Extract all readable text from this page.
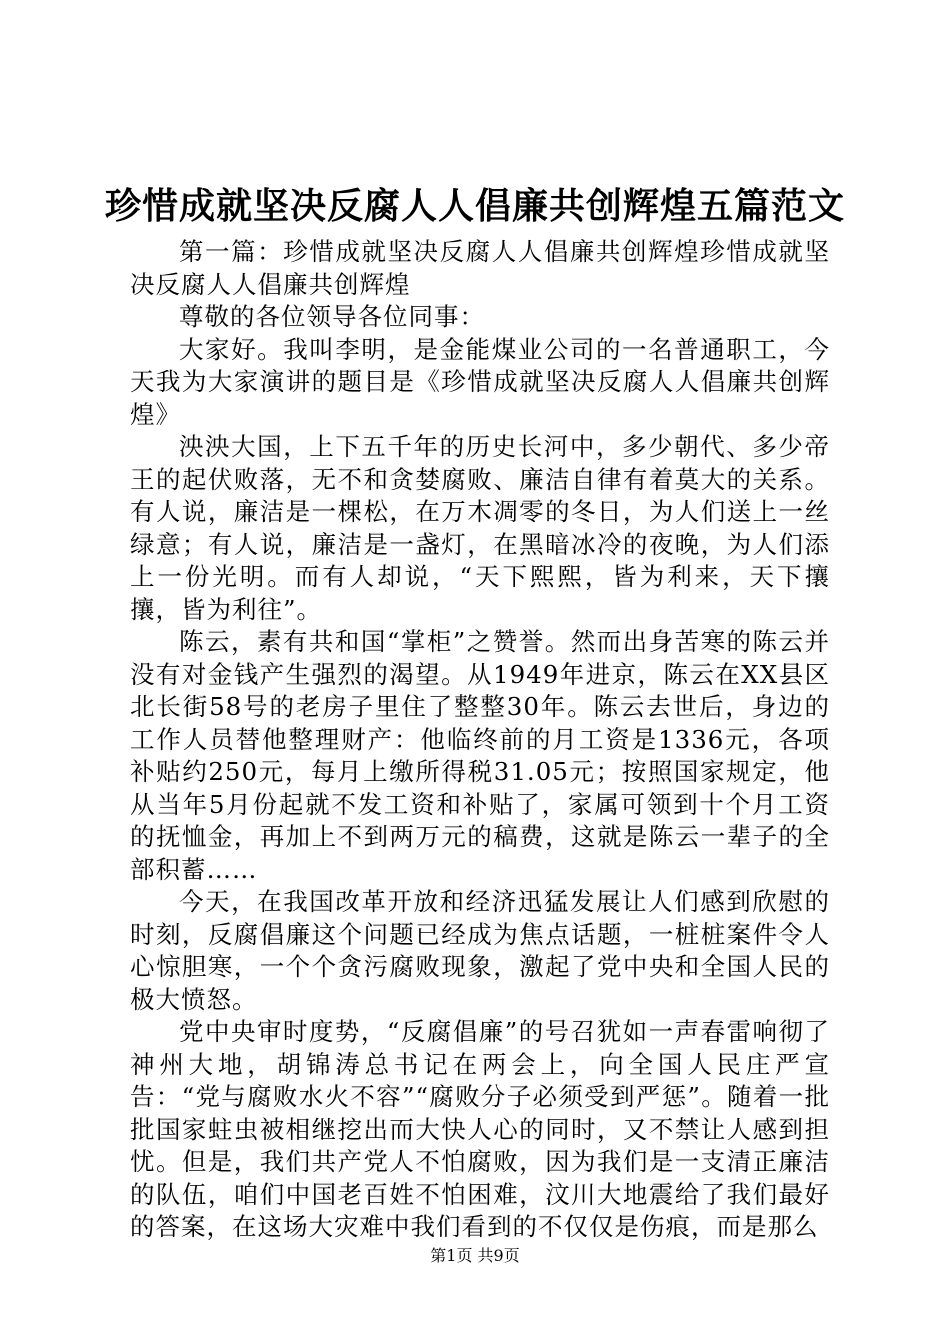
珍惜成就坚决反腐人人倡廉共创辉煌五篇范文

第一篇：珍惜成就坚决反腐人人倡廉共创辉煌珍惜成就坚决反腐人人倡廉共创辉煌

尊敬的各位领导各位同事：

大家好。我叫李明，是金能煤业公司的一名普通职工，今天我为大家演讲的题目是《珍惜成就坚决反腐人人倡廉共创辉煌》

泱泱大国，上下五千年的历史长河中，多少朝代、多少帝王的起伏败落，无不和贪婪腐败、廉洁自律有着莫大的关系。有人说，廉洁是一棵松，在万木凋零的冬日，为人们送上一丝绿意；有人说，廉洁是一盏灯，在黑暗冰冷的夜晚，为人们添上一份光明。而有人却说，“天下熙熙，皆为利来，天下攘攘，皆为利往”。

陈云，素有共和国“掌柜”之赞誉。然而出身苦寒的陈云并没有对金钱产生强烈的渴望。从1949年进京，陈云在XX县区北长街58号的老房子里住了整整30年。陈云去世后，身边的工作人员替他整理财产：他临终前的月工资是1336元，各项补贴约250元，每月上缴所得税31.05元；按照国家规定，他从当年5月份起就不发工资和补贴了，家属可领到十个月工资的抚恤金，再加上不到两万元的稿费，这就是陈云一辈子的全部积蓄……

今天，在我国改革开放和经济迅猛发展让人们感到欣慰的时刻，反腐倡廉这个问题已经成为焦点话题，一桩桩案件令人心惊胆寒，一个个贪污腐败现象，激起了党中央和全国人民的极大愤怒。

党中央审时度势，“反腐倡廉”的号召犹如一声春雷响彻了神州大地，胡锦涛总书记在两会上，向全国人民庄严宣告：“党与腐败水火不容”“腐败分子必须受到严惩”。随着一批批国家蛀虫被相继挖出而大快人心的同时，又不禁让人感到担忧。但是，我们共产党人不怕腐败，因为我们是一支清正廉洁的队伍，咱们中国老百姓不怕困难，汶川大地震给了我们最好的答案，在这场大灾难中我们看到的不仅仅是伤痕，而是那么

第1页 共9页
